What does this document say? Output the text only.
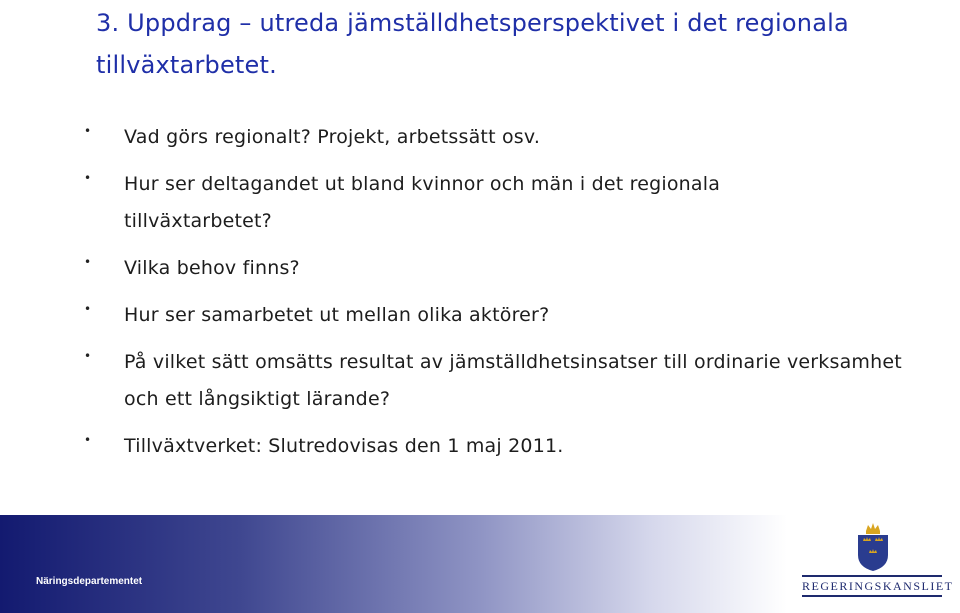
3. Uppdrag – utreda jämställdhetsperspektivet i det regionala tillväxtarbetet.
• Vad görs regionalt? Projekt, arbetssätt osv.
• Hur ser deltagandet ut bland kvinnor och män i det regionala tillväxtarbetet?
• Vilka behov finns?
• Hur ser samarbetet ut mellan olika aktörer?
• På vilket sätt omsätts resultat av jämställdhetsinsatser till ordinarie verksamhet och ett långsiktigt lärande?
• Tillväxtverket: Slutredovisas den 1 maj 2011.
Näringsdepartementet	REGERINGSKANSLIET
